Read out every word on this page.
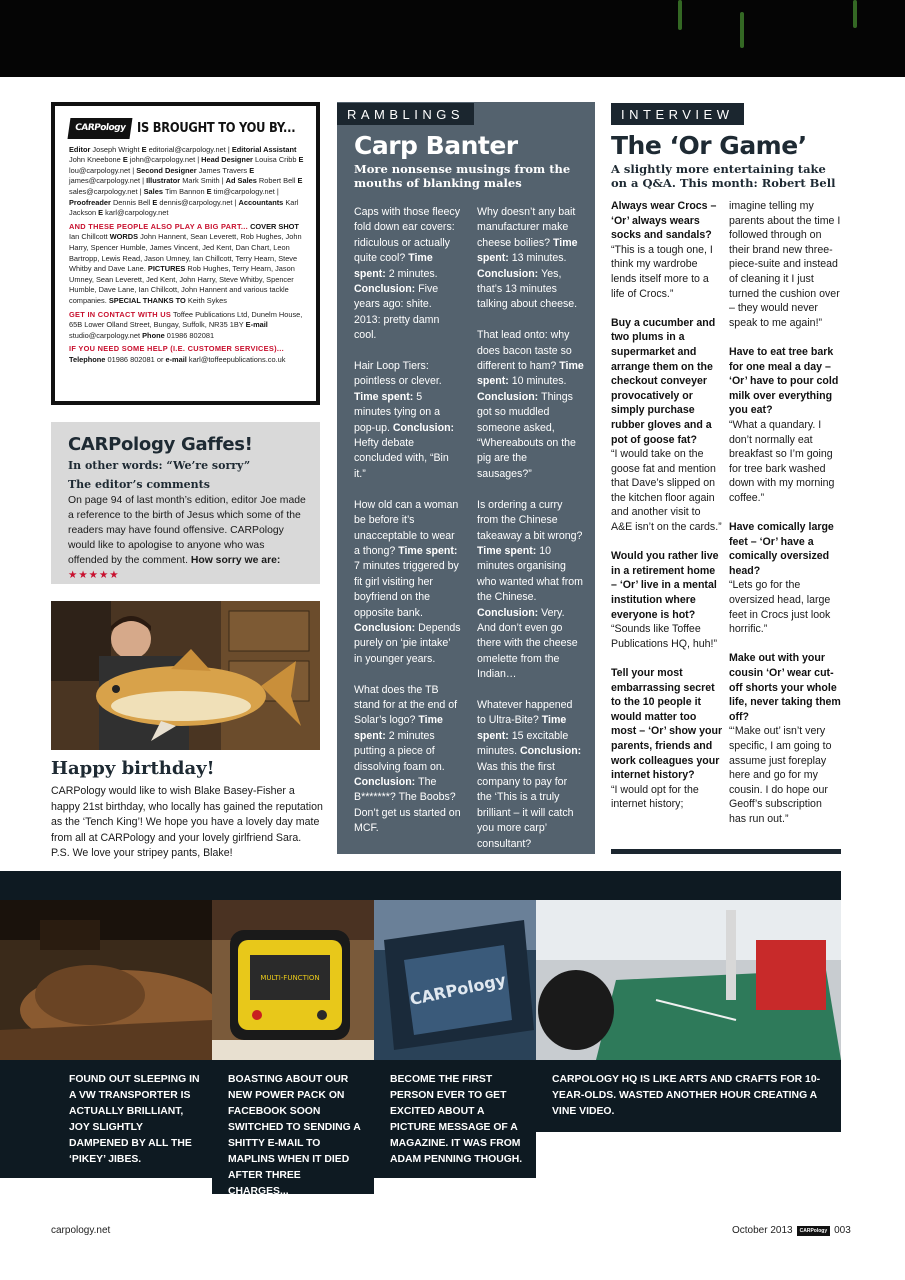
CARPology IS BROUGHT TO YOU BY...

Editor Joseph Wright E editorial@carpology.net | Editorial Assistant John Kneebone E john@carpology.net | Head Designer Louisa Cribb E lou@carpology.net | Second Designer James Travers E james@carpology.net | Illustrator Mark Smith | Ad Sales Robert Bell E sales@carpology.net | Sales Tim Bannon E tim@carpology.net | Proofreader Dennis Bell E dennis@carpology.net | Accountants Karl Jackson E karl@carpology.net

AND THESE PEOPLE ALSO PLAY A BIG PART... COVER SHOT Ian Chillcott WORDS John Hannent, Sean Leverett, Rob Hughes, John Harry, Spencer Humble, James Vincent, Jed Kent, Dan Chart, Leon Bartropp, Lewis Read, Jason Umney, Ian Chillcott, Terry Hearn, Steve Whitby and Dave Lane. PICTURES Rob Hughes, Terry Hearn, Jason Umney, Sean Leverett, Jed Kent, John Harry, Steve Whitby, Spencer Humble, Dave Lane, Ian Chillcott, John Hannent and various tackle companies. SPECIAL THANKS TO Keith Sykes

GET IN CONTACT WITH US Toffee Publications Ltd, Dunelm House, 65B Lower Olland Street, Bungay, Suffolk, NR35 1BY E-mail studio@carpology.net Phone 01986 802081

IF YOU NEED SOME HELP (I.E. CUSTOMER SERVICES)... Telephone 01986 802081 or e-mail karl@toffeepublications.co.uk

CARPology Gaffes!
In other words: “We’re sorry”
The editor’s comments

On page 94 of last month’s edition, editor Joe made a reference to the birth of Jesus which some of the readers may have found offensive. CARPology would like to apologise to anyone who was offended by the comment. How sorry we are: ★★★★★

Happy birthday!
CARPology would like to wish Blake Basey-Fisher a happy 21st birthday, who locally has gained the reputation as the ‘Tench King’! We hope you have a lovely day mate from all at CARPology and your lovely girlfriend Sara.
P.S. We love your stripey pants, Blake!
RAMBLINGS
Carp Banter
More nonsense musings from the mouths of blanking males

Caps with those fleecy fold down ear covers: ridiculous or actually quite cool? Time spent: 2 minutes. Conclusion: Five years ago: shite. 2013: pretty damn cool.

Hair Loop Tiers: pointless or clever. Time spent: 5 minutes tying on a pop-up. Conclusion: Hefty debate concluded with, “Bin it.”

How old can a woman be before it’s unacceptable to wear a thong? Time spent: 7 minutes triggered by fit girl visiting her boyfriend on the opposite bank. Conclusion: Depends purely on ‘pie intake’ in younger years.

What does the TB stand for at the end of Solar’s logo? Time spent: 2 minutes putting a piece of dissolving foam on. Conclusion: The B*******? The Boobs? Don’t get us started on MCF.

Why doesn’t any bait manufacturer make cheese boilies? Time spent: 13 minutes. Conclusion: Yes, that’s 13 minutes talking about cheese.

That lead onto: why does bacon taste so different to ham? Time spent: 10 minutes. Conclusion: Things got so muddled someone asked, “Whereabouts on the pig are the sausages?”

Is ordering a curry from the Chinese takeaway a bit wrong? Time spent: 10 minutes organising who wanted what from the Chinese. Conclusion: Very. And don’t even go there with the cheese omelette from the Indian…

Whatever happened to Ultra-Bite? Time spent: 15 excitable minutes. Conclusion: Was this the first company to pay for the ‘This is a truly brilliant – it will catch you more carp’ consultant?

INTERVIEW
The ‘Or Game’
A slightly more entertaining take on a Q&A. This month: Robert Bell
Always wear Crocs – ‘Or’ always wears socks and sandals?
“This is a tough one, I think my wardrobe lends itself more to a life of Crocs.”
Buy a cucumber and two plums in a supermarket and arrange them on the checkout conveyer provocatively or simply purchase rubber gloves and a pot of goose fat?
“I would take on the goose fat and mention that Dave’s slipped on the kitchen floor again and another visit to A&E isn’t on the cards.”
Would you rather live in a retirement home – ‘Or’ live in a mental institution where everyone is hot?
“Sounds like Toffee Publications HQ, huh!”
Tell your most embarrassing secret to the 10 people it would matter too most – ‘Or’ show your parents, friends and work colleagues your internet history?
“I would opt for the internet history;
imagine telling my parents about the time I followed through on their brand new three-piece-suite and instead of cleaning it I just turned the cushion over – they would never speak to me again!”
Have to eat tree bark for one meal a day – ‘Or’ have to pour cold milk over everything you eat?
“What a quandary. I don’t normally eat breakfast so I’m going for tree bark washed down with my morning coffee.”
Have comically large feet – ‘Or’ have a comically oversized head?
“Lets go for the oversized head, large feet in Crocs just look horrific.”
Make out with your cousin ‘Or’ wear cut-off shorts your whole life, never taking them off?
“‘Make out’ isn’t very specific, I am going to assume just foreplay here and go for my cousin. I do hope our Geoff’s subscription has run out.”
MULTI-FUNCTION	CARPology
FOUND OUT SLEEPING IN A VW TRANSPORTER IS ACTUALLY BRILLIANT, JOY SLIGHTLY DAMPENED BY ALL THE ‘PIKEY’ JIBES.
BOASTING ABOUT OUR NEW POWER PACK ON FACEBOOK SOON SWITCHED TO SENDING A SHITTY E-MAIL TO MAPLINS WHEN IT DIED AFTER THREE CHARGES...
BECOME THE FIRST PERSON EVER TO GET EXCITED ABOUT A PICTURE MESSAGE OF A MAGAZINE. IT WAS FROM ADAM PENNING THOUGH.
CARPOLOGY HQ IS LIKE ARTS AND CRAFTS FOR 10-YEAR-OLDS. WASTED ANOTHER HOUR CREATING A VINE VIDEO.
carpology.net	October 2013	CARPology 003
